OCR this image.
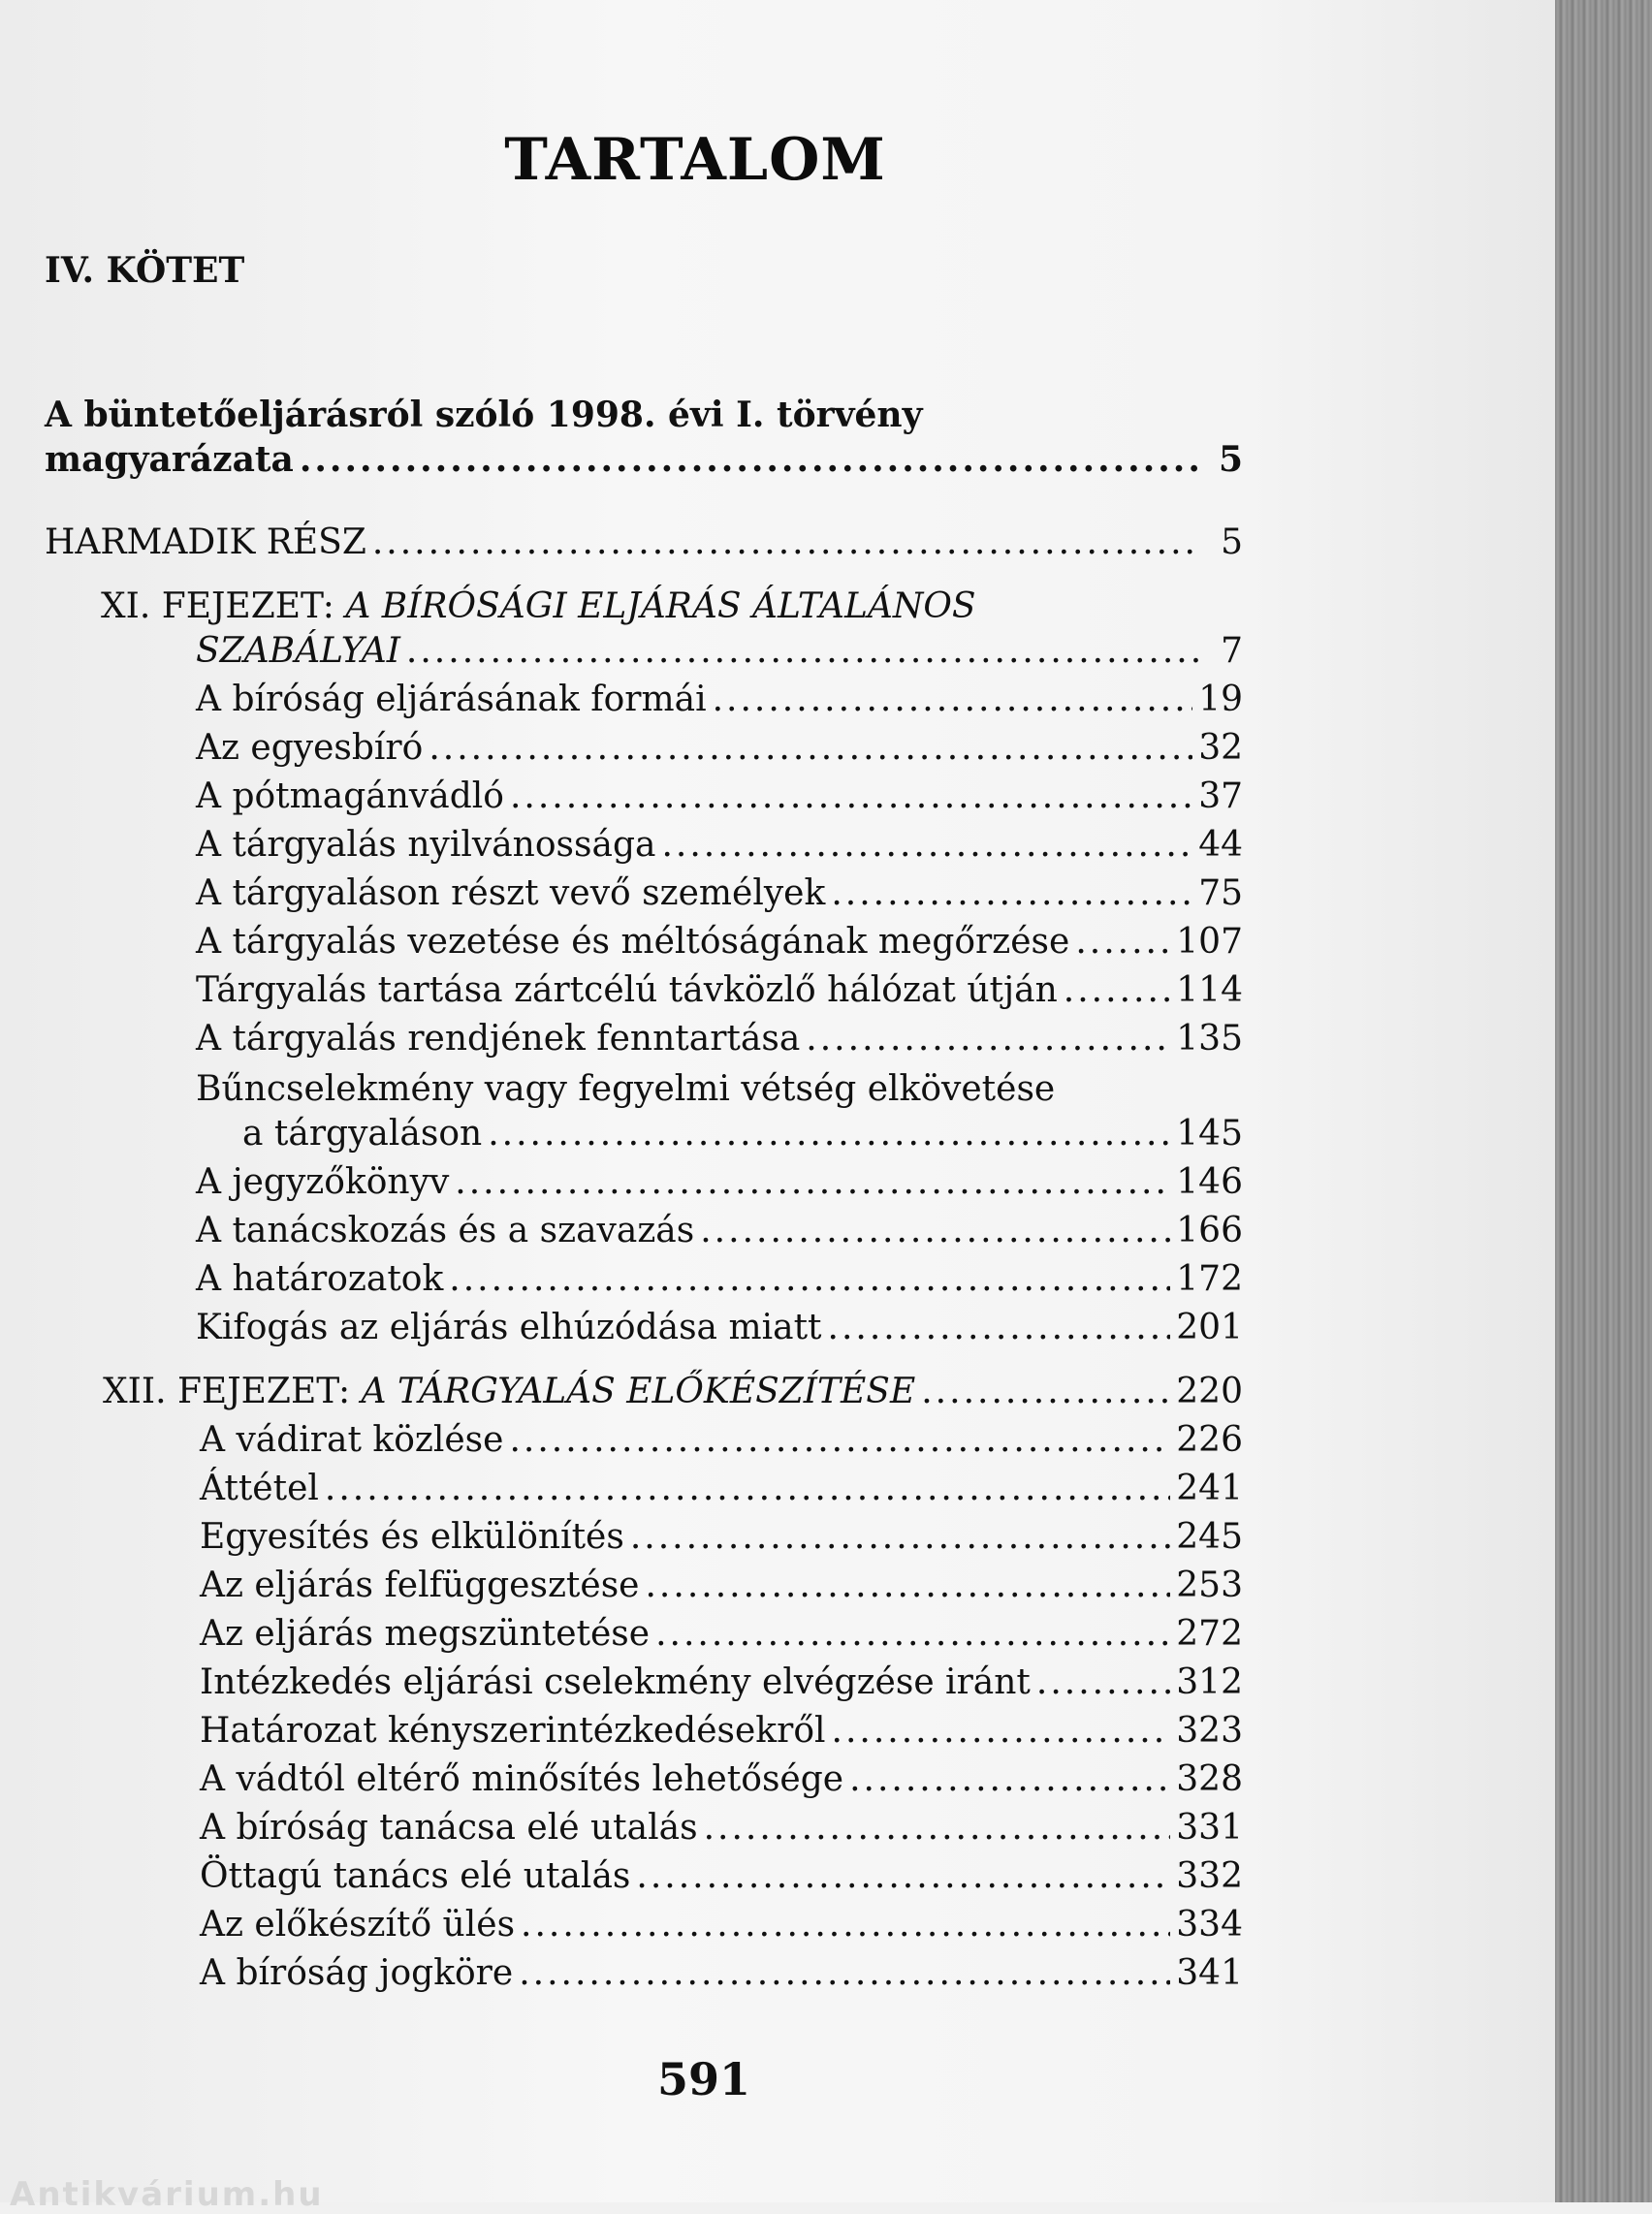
TARTALOM
IV. KÖTET
A büntetőeljárásról szóló 1998. évi I. törvény
magyarázata .....	5
HARMADIK RÉSZ .....	5
XI. FEJEZET: A BÍRÓSÁGI ELJÁRÁS ÁLTALÁNOS
SZABÁLYAI .....	7
A bíróság eljárásának formái .....	19
Az egyesbíró .....	32
A pótmagánvádló .....	37
A tárgyalás nyilvánossága .....	44
A tárgyaláson részt vevő személyek .....	75
A tárgyalás vezetése és méltóságának megőrzése .....	107
Tárgyalás tartása zártcélú távközlő hálózat útján .....	114
A tárgyalás rendjének fenntartása .....	135
Bűncselekmény vagy fegyelmi vétség elkövetése
a tárgyaláson .....	145
A jegyzőkönyv .....	146
A tanácskozás és a szavazás .....	166
A határozatok .....	172
Kifogás az eljárás elhúzódása miatt .....	201
XII. FEJEZET: A TÁRGYALÁS ELŐKÉSZÍTÉSE .....	220
A vádirat közlése .....	226
Áttétel .....	241
Egyesítés és elkülönítés .....	245
Az eljárás felfüggesztése .....	253
Az eljárás megszüntetése .....	272
Intézkedés eljárási cselekmény elvégzése iránt .....	312
Határozat kényszerintézkedésekről .....	323
A vádtól eltérő minősítés lehetősége .....	328
A bíróság tanácsa elé utalás .....	331
Öttagú tanács elé utalás .....	332
Az előkészítő ülés .....	334
A bíróság jogköre .....	341
591
Antikvárium.hu
